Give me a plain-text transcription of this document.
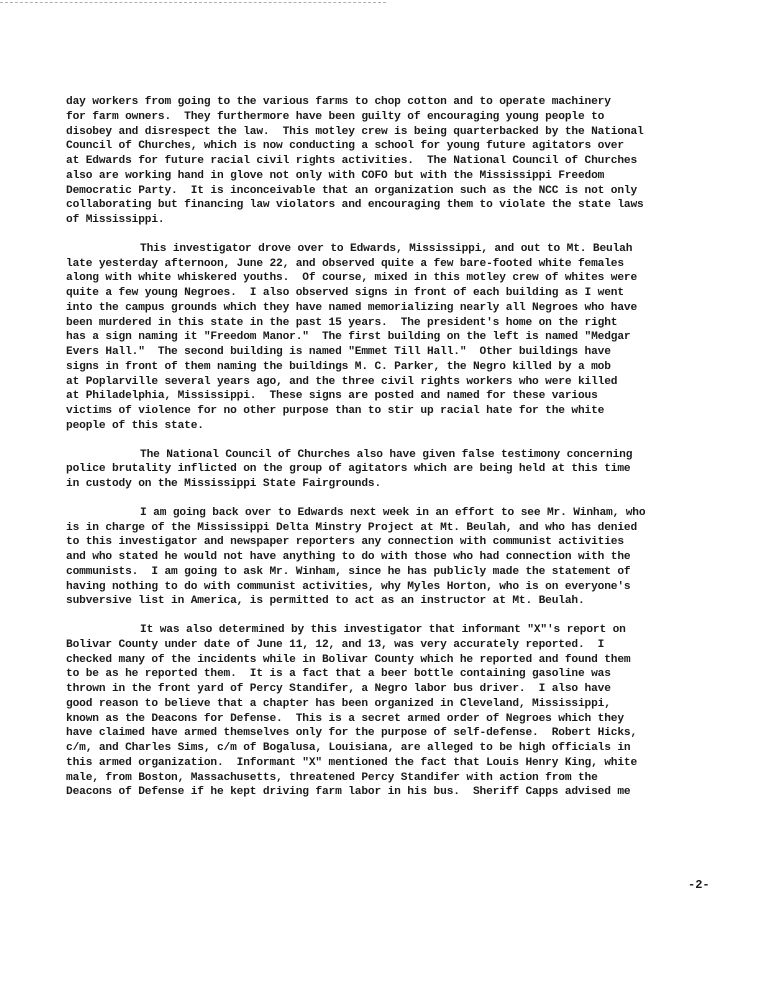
day workers from going to the various farms to chop cotton and to operate machinery
for farm owners.  They furthermore have been guilty of encouraging young people to
disobey and disrespect the law.  This motley crew is being quarterbacked by the National
Council of Churches, which is now conducting a school for young future agitators over
at Edwards for future racial civil rights activities.  The National Council of Churches
also are working hand in glove not only with COFO but with the Mississippi Freedom
Democratic Party.  It is inconceivable that an organization such as the NCC is not only
collaborating but financing law violators and encouraging them to violate the state laws
of Mississippi.
This investigator drove over to Edwards, Mississippi, and out to Mt. Beulah
late yesterday afternoon, June 22, and observed quite a few bare-footed white females
along with white whiskered youths.  Of course, mixed in this motley crew of whites were
quite a few young Negroes.  I also observed signs in front of each building as I went
into the campus grounds which they have named memorializing nearly all Negroes who have
been murdered in this state in the past 15 years.  The president's home on the right
has a sign naming it "Freedom Manor."  The first building on the left is named "Medgar
Evers Hall."  The second building is named "Emmet Till Hall."  Other buildings have
signs in front of them naming the buildings M. C. Parker, the Negro killed by a mob
at Poplarville several years ago, and the three civil rights workers who were killed
at Philadelphia, Mississippi.  These signs are posted and named for these various
victims of violence for no other purpose than to stir up racial hate for the white
people of this state.
The National Council of Churches also have given false testimony concerning
police brutality inflicted on the group of agitators which are being held at this time
in custody on the Mississippi State Fairgrounds.
I am going back over to Edwards next week in an effort to see Mr. Winham, who
is in charge of the Mississippi Delta Minstry Project at Mt. Beulah, and who has denied
to this investigator and newspaper reporters any connection with communist activities
and who stated he would not have anything to do with those who had connection with the
communists.  I am going to ask Mr. Winham, since he has publicly made the statement of
having nothing to do with communist activities, why Myles Horton, who is on everyone's
subversive list in America, is permitted to act as an instructor at Mt. Beulah.
It was also determined by this investigator that informant "X"'s report on
Bolivar County under date of June 11, 12, and 13, was very accurately reported.  I
checked many of the incidents while in Bolivar County which he reported and found them
to be as he reported them.  It is a fact that a beer bottle containing gasoline was
thrown in the front yard of Percy Standifer, a Negro labor bus driver.  I also have
good reason to believe that a chapter has been organized in Cleveland, Mississippi,
known as the Deacons for Defense.  This is a secret armed order of Negroes which they
have claimed have armed themselves only for the purpose of self-defense.  Robert Hicks,
c/m, and Charles Sims, c/m of Bogalusa, Louisiana, are alleged to be high officials in
this armed organization.  Informant "X" mentioned the fact that Louis Henry King, white
male, from Boston, Massachusetts, threatened Percy Standifer with action from the
Deacons of Defense if he kept driving farm labor in his bus.  Sheriff Capps advised me
-2-
